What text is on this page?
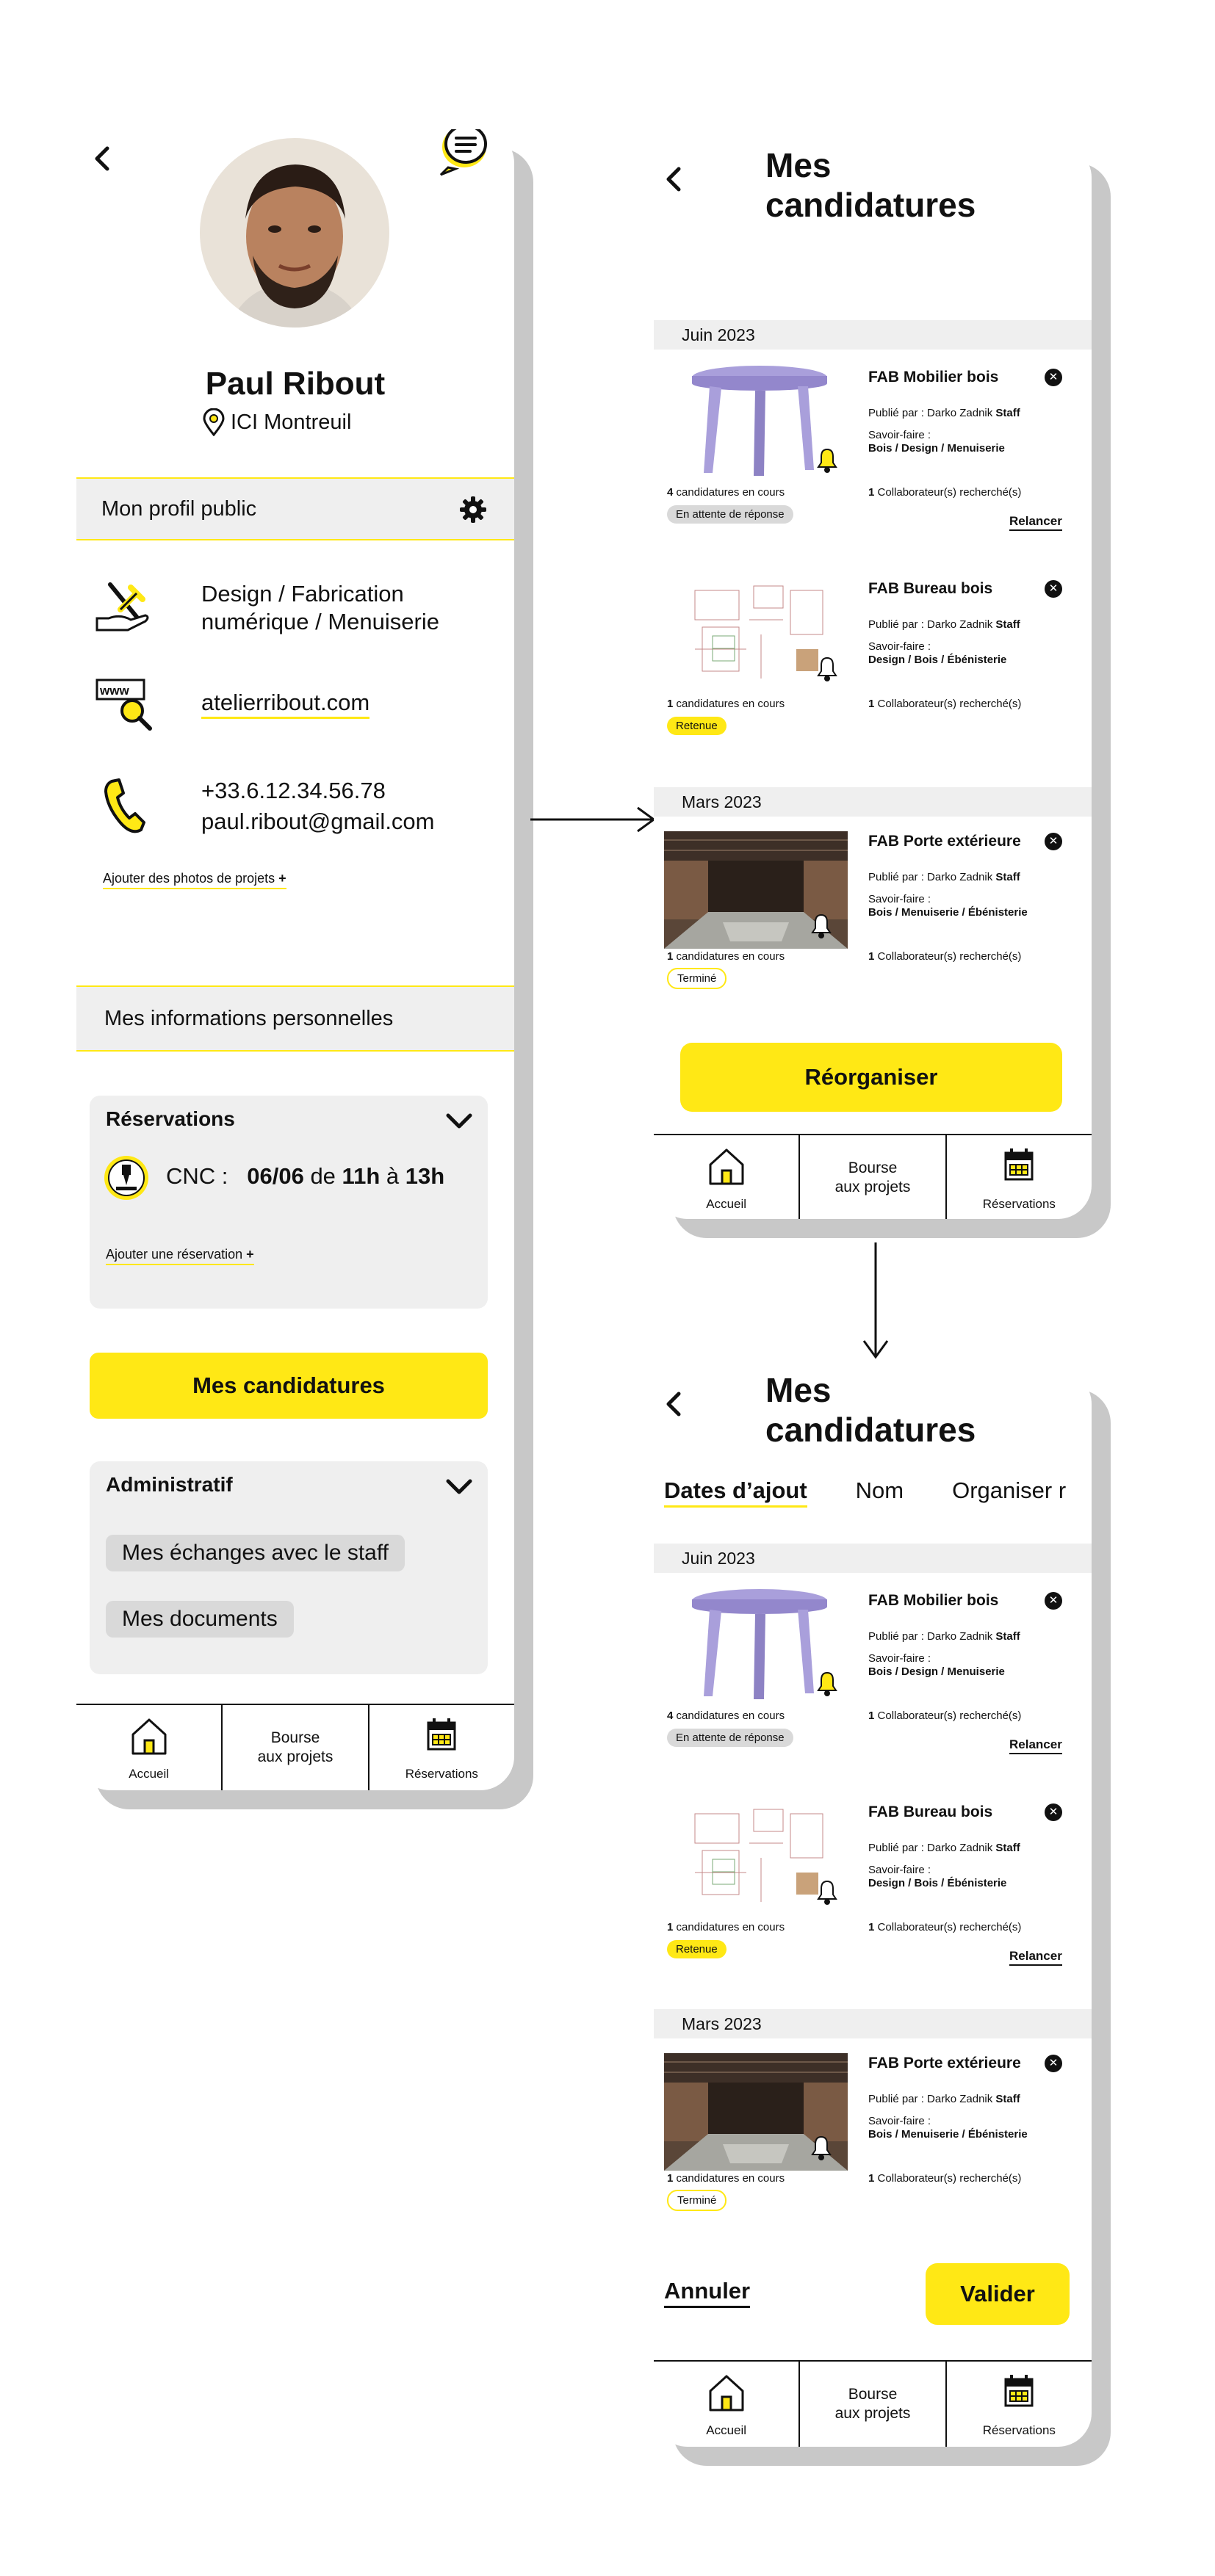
Paul Ribout
ICI Montreuil
Mon profil public
Design / Fabrication numérique / Menuiserie
www	atelierribout.com
+33.6.12.34.56.78
paul.ribout@gmail.com
Ajouter des photos de projets +
Mes informations personnelles
Réservations
CNC : 06/06 de 11h à 13h
Ajouter une réservation +
Mes candidatures
Administratif
Mes échanges avec le staff
Mes documents
Accueil
Bourse
aux projets
Réservations
Mes
candidatures
Juin 2023
FAB Mobilier bois	✕
Publié par : Darko Zadnik Staff
Savoir-faire :
Bois / Design / Menuiserie
4 candidatures en cours	1 Collaborateur(s) recherché(s)
En attente de réponse	Relancer
FAB Bureau bois	✕
Publié par : Darko Zadnik Staff
Savoir-faire :
Design / Bois / Ébénisterie
1 candidatures en cours	1 Collaborateur(s) recherché(s)
Retenue
Mars 2023
FAB Porte extérieure	✕
Publié par : Darko Zadnik Staff
Savoir-faire :
Bois / Menuiserie / Ébénisterie
1 candidatures en cours	1 Collaborateur(s) recherché(s)
Terminé
Réorganiser
Accueil
Bourse
aux projets
Réservations
Mes
candidatures
Dates d’ajout Nom Organiser r
Juin 2023
FAB Mobilier bois	✕
Publié par : Darko Zadnik Staff
Savoir-faire :
Bois / Design / Menuiserie
4 candidatures en cours	1 Collaborateur(s) recherché(s)
En attente de réponse	Relancer
FAB Bureau bois	✕
Publié par : Darko Zadnik Staff
Savoir-faire :
Design / Bois / Ébénisterie
1 candidatures en cours	1 Collaborateur(s) recherché(s)
Retenue	Relancer
Mars 2023
FAB Porte extérieure	✕
Publié par : Darko Zadnik Staff
Savoir-faire :
Bois / Menuiserie / Ébénisterie
1 candidatures en cours	1 Collaborateur(s) recherché(s)
Terminé
Annuler	Valider
Accueil
Bourse
aux projets
Réservations
